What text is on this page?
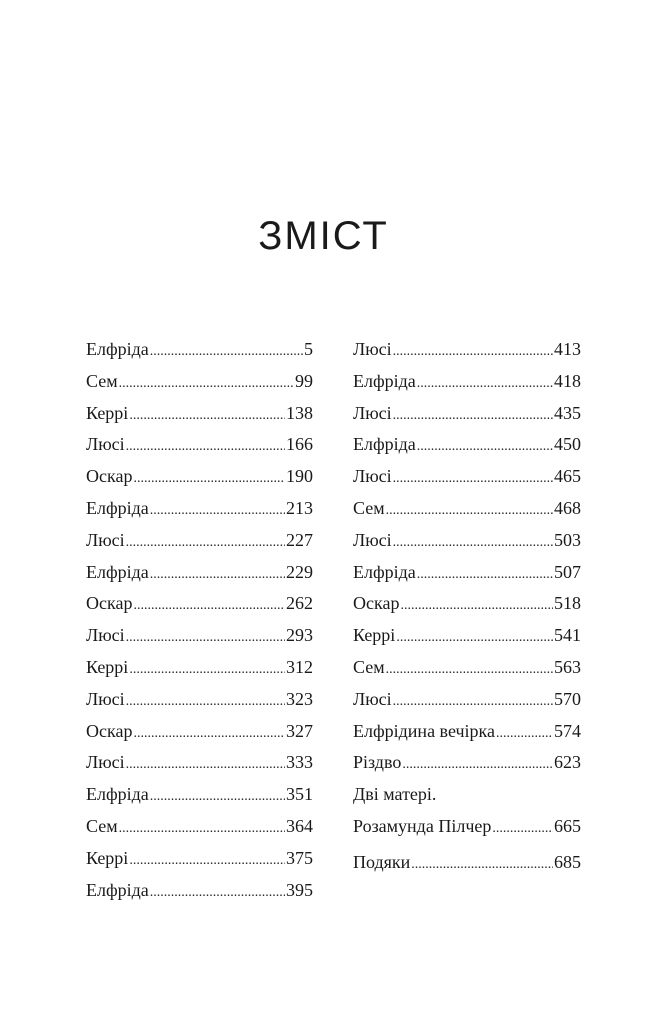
ЗМІСТ
Елфріда .....	5
Сем .....	99
Керрі .....	138
Люсі .....	166
Оскар .....	190
Елфріда .....	213
Люсі .....	227
Елфріда .....	229
Оскар .....	262
Люсі .....	293
Керрі .....	312
Люсі .....	323
Оскар .....	327
Люсі .....	333
Елфріда .....	351
Сем .....	364
Керрі .....	375
Елфріда .....	395
Люсі .....	413
Елфріда .....	418
Люсі .....	435
Елфріда .....	450
Люсі .....	465
Сем .....	468
Люсі .....	503
Елфріда .....	507
Оскар .....	518
Керрі .....	541
Сем .....	563
Люсі .....	570
Елфрідина вечірка .....	574
Різдво .....	623
Дві матері.
Розамунда Пілчер .....	665
Подяки .....	685
